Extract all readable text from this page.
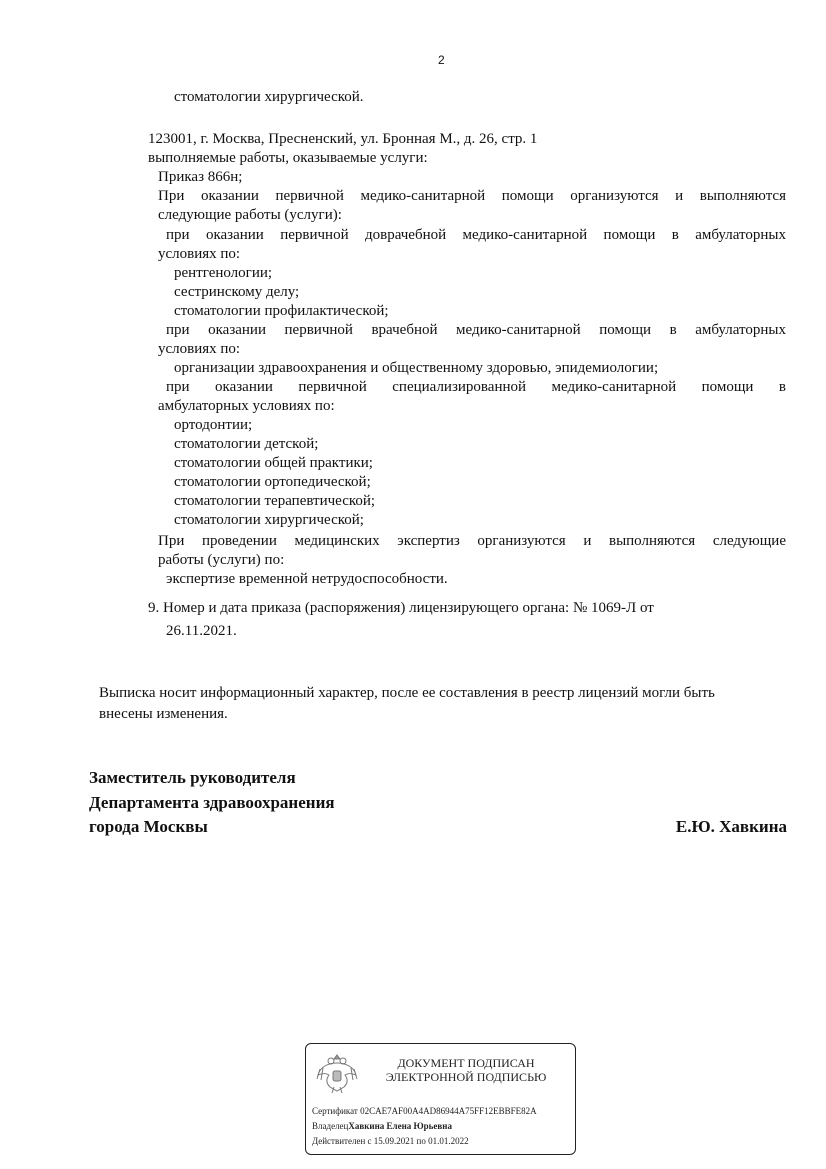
2
стоматологии хирургической.
123001, г. Москва, Пресненский, ул. Бронная М., д. 26, стр. 1
выполняемые работы, оказываемые услуги:
Приказ 866н;
При оказании первичной медико-санитарной помощи организуются и выполняются
следующие работы (услуги):
при оказании первичной доврачебной медико-санитарной помощи в амбулаторных
условиях по:
рентгенологии;
сестринскому делу;
стоматологии профилактической;
при оказании первичной врачебной медико-санитарной помощи в амбулаторных
условиях по:
организации здравоохранения и общественному здоровью, эпидемиологии;
при оказании первичной специализированной медико-санитарной помощи в
амбулаторных условиях по:
ортодонтии;
стоматологии детской;
стоматологии общей практики;
стоматологии ортопедической;
стоматологии терапевтической;
стоматологии хирургической;
При проведении медицинских экспертиз организуются и выполняются следующие
работы (услуги) по:
экспертизе временной нетрудоспособности.
9. Номер и дата приказа (распоряжения) лицензирующего органа: № 1069-Л от
26.11.2021.
Выписка носит информационный характер, после ее составления в реестр лицензий могли быть
внесены изменения.
Заместитель руководителя
Департамента здравоохранения
города Москвы	Е.Ю. Хавкина
ДОКУМЕНТ ПОДПИСАН
ЭЛЕКТРОННОЙ ПОДПИСЬЮ
Сертификат 02CAE7AF00A4AD86944A75FF12EBBFE82A
ВладелецХавкина Елена Юрьевна
Действителен с 15.09.2021 по 01.01.2022
